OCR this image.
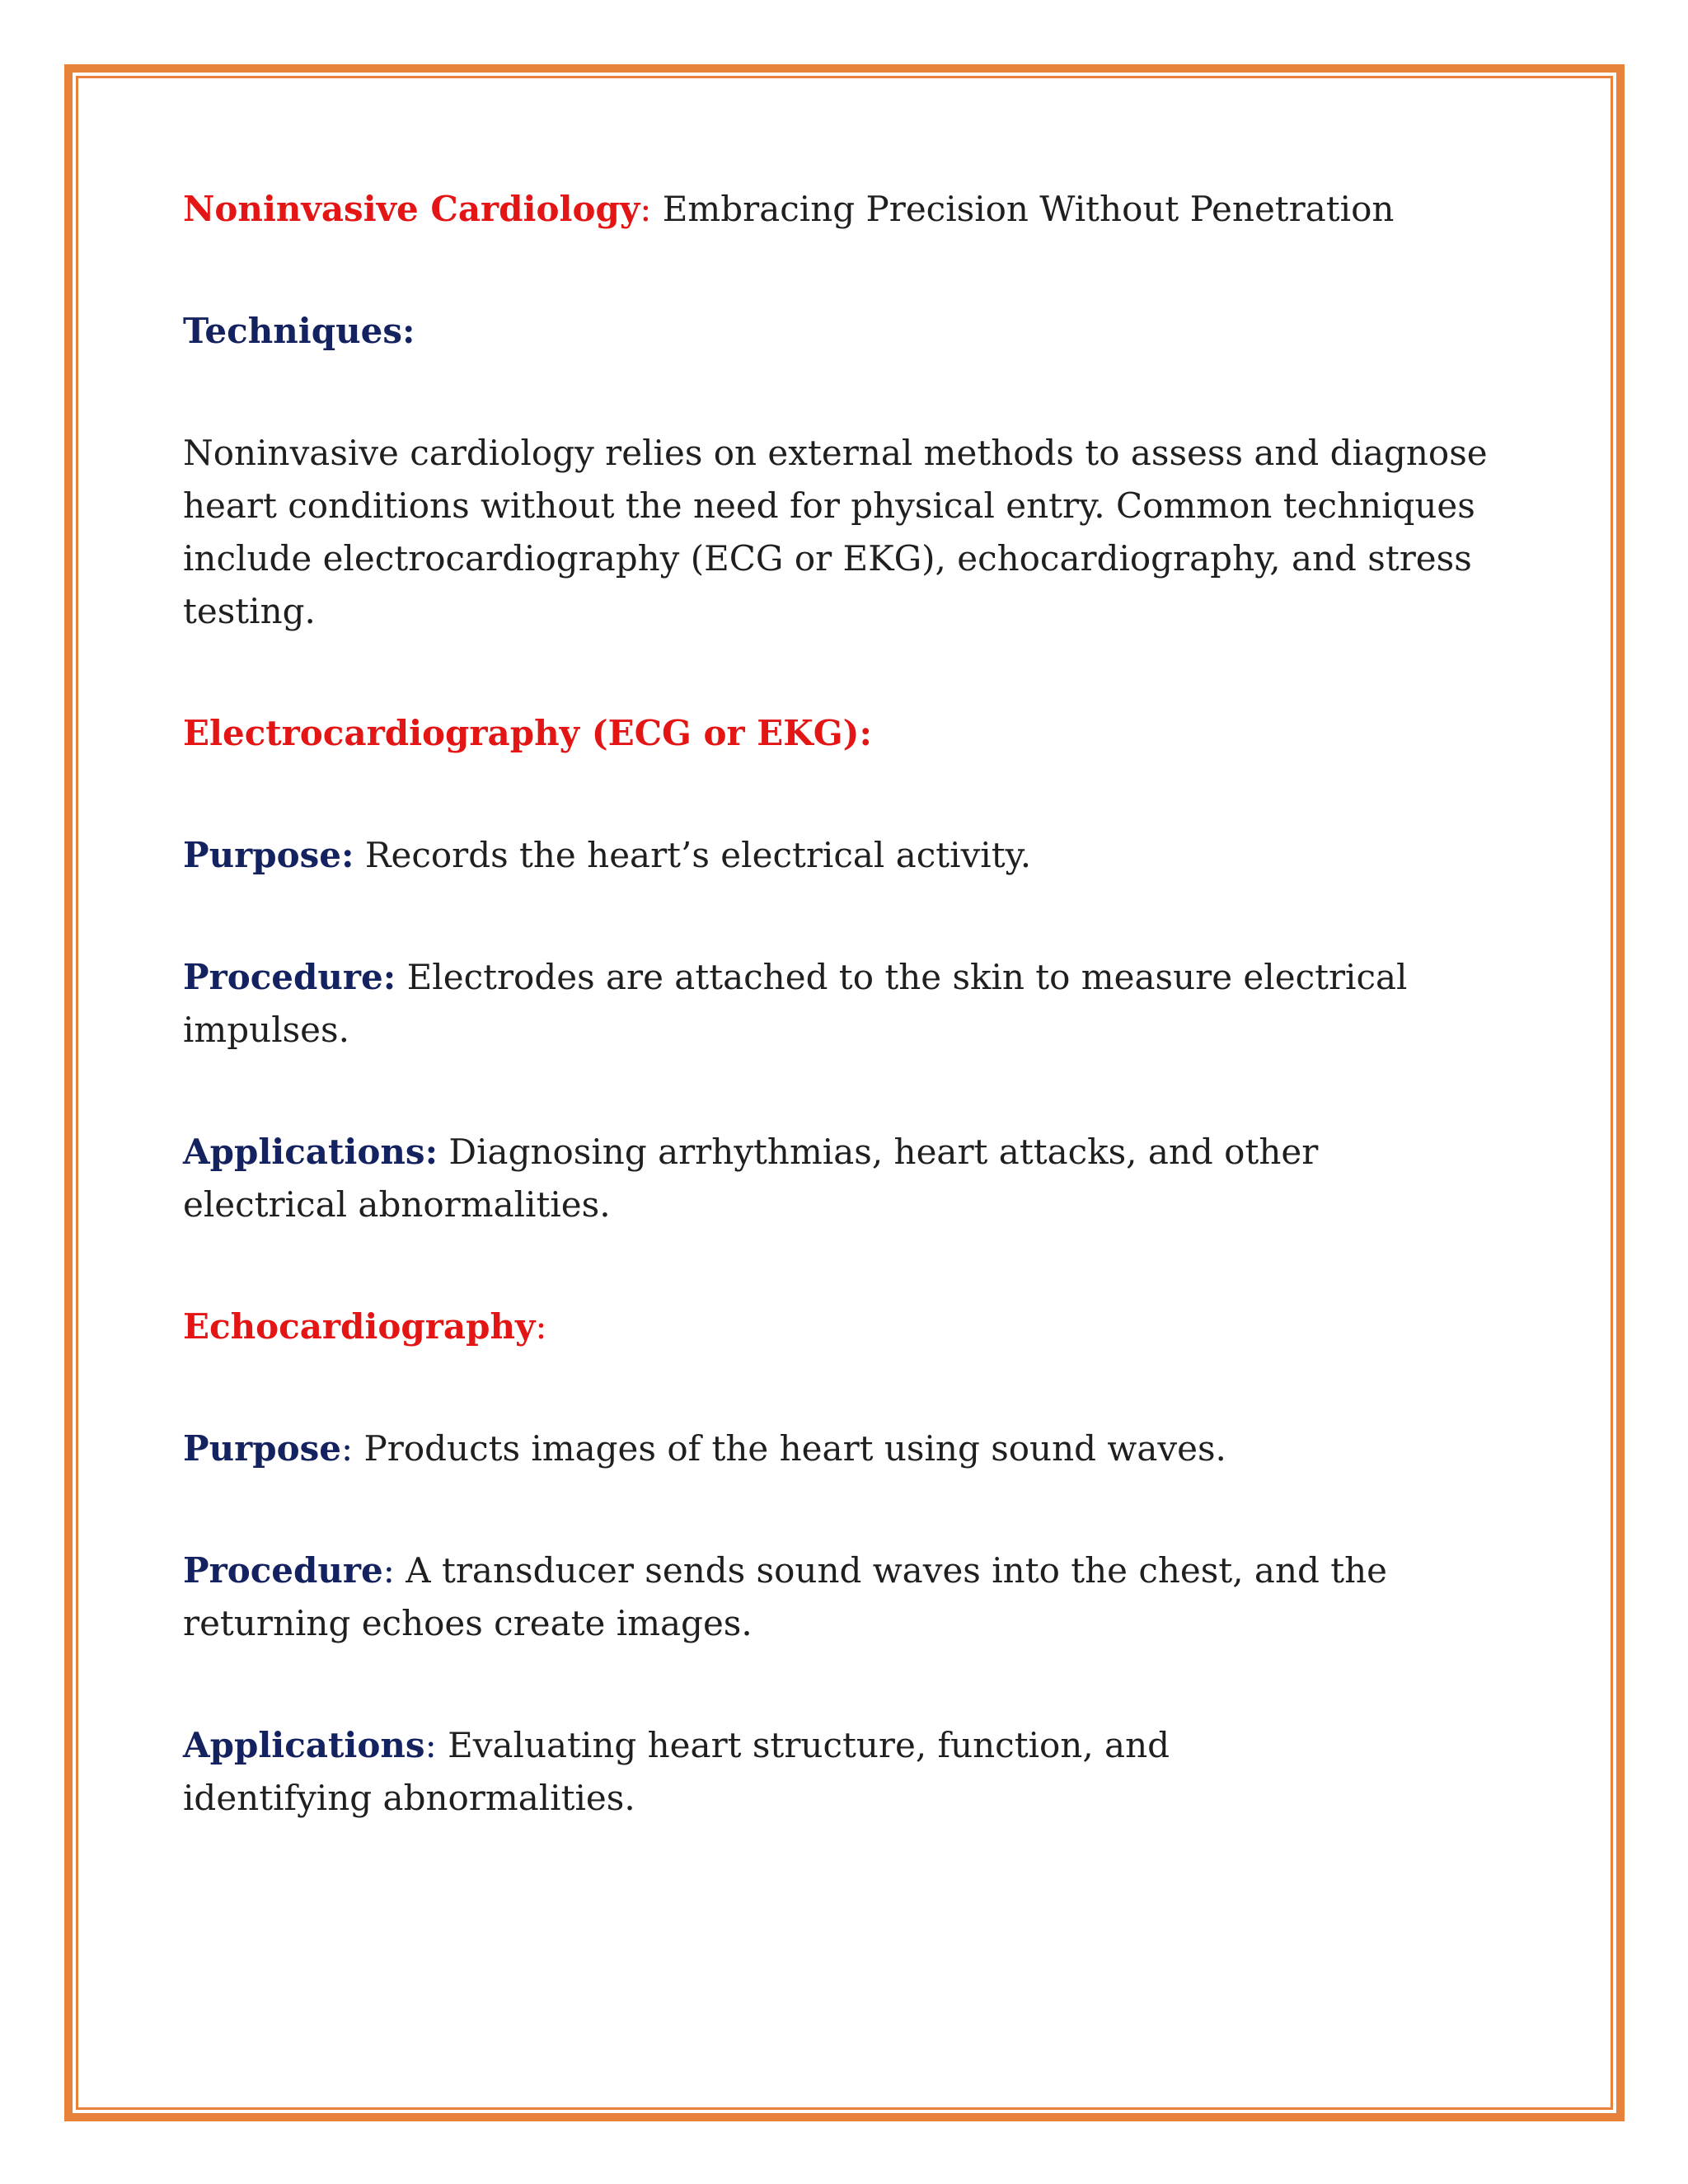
Noninvasive Cardiology: Embracing Precision Without Penetration

Techniques:

Noninvasive cardiology relies on external methods to assess and diagnose heart conditions without the need for physical entry. Common techniques include electrocardiography (ECG or EKG), echocardiography, and stress testing.

Electrocardiography (ECG or EKG):

Purpose: Records the heart’s electrical activity.

Procedure: Electrodes are attached to the skin to measure electrical impulses.

Applications: Diagnosing arrhythmias, heart attacks, and other electrical abnormalities.

Echocardiography:

Purpose: Products images of the heart using sound waves.

Procedure: A transducer sends sound waves into the chest, and the returning echoes create images.

Applications: Evaluating heart structure, function, and identifying abnormalities.
